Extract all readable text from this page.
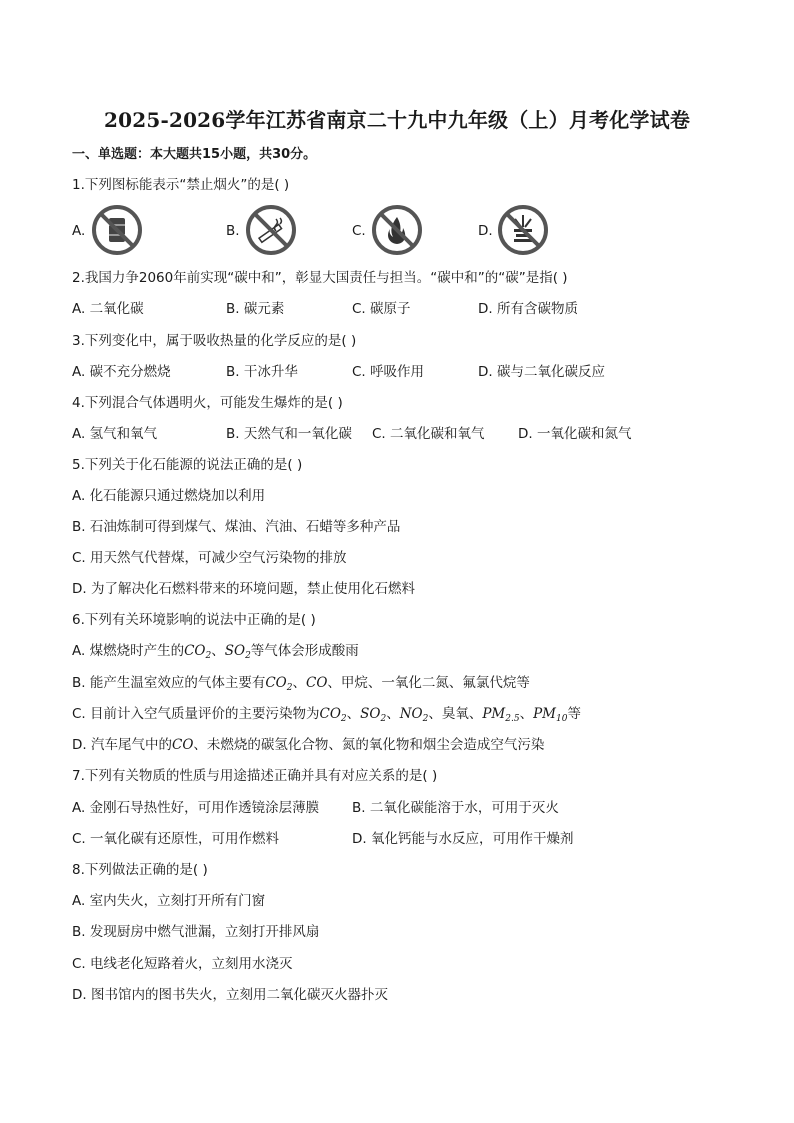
2025-2026学年江苏省南京二十九中九年级（上）月考化学试卷
一、单选题：本大题共15小题，共30分。
1.下列图标能表示“禁止烟火”的是( )
A.	B.	C.	D.
2.我国力争2060年前实现“碳中和”，彰显大国责任与担当。“碳中和”的“碳”是指( )
A. 二氧化碳	B. 碳元素	C. 碳原子	D. 所有含碳物质
3.下列变化中，属于吸收热量的化学反应的是( )
A. 碳不充分燃烧	B. 干冰升华	C. 呼吸作用	D. 碳与二氧化碳反应
4.下列混合气体遇明火，可能发生爆炸的是( )
A. 氢气和氧气	B. 天然气和一氧化碳 C. 二氧化碳和氧气 D. 一氧化碳和氮气
5.下列关于化石能源的说法正确的是( )
A. 化石能源只通过燃烧加以利用
B. 石油炼制可得到煤气、煤油、汽油、石蜡等多种产品
C. 用天然气代替煤，可减少空气污染物的排放
D. 为了解决化石燃料带来的环境问题，禁止使用化石燃料
6.下列有关环境影响的说法中正确的是( )
A. 煤燃烧时产生的$CO_2$、$SO_2$等气体会形成酸雨
B. 能产生温室效应的气体主要有$CO_2$、CO、甲烷、一氧化二氮、氟氯代烷等
C. 目前计入空气质量评价的主要污染物为$CO_2$、$SO_2$、$NO_2$、臭氧、$PM_{2.5}$、$PM_{10}$等
D. 汽车尾气中的CO、未燃烧的碳氢化合物、氮的氧化物和烟尘会造成空气污染
7.下列有关物质的性质与用途描述正确并具有对应关系的是( )
A. 金刚石导热性好，可用作透镜涂层薄膜 B. 二氧化碳能溶于水，可用于灭火
C. 一氧化碳有还原性，可用作燃料	D. 氧化钙能与水反应，可用作干燥剂
8.下列做法正确的是( )
A. 室内失火，立刻打开所有门窗
B. 发现厨房中燃气泄漏，立刻打开排风扇
C. 电线老化短路着火，立刻用水浇灭
D. 图书馆内的图书失火，立刻用二氧化碳灭火器扑灭
